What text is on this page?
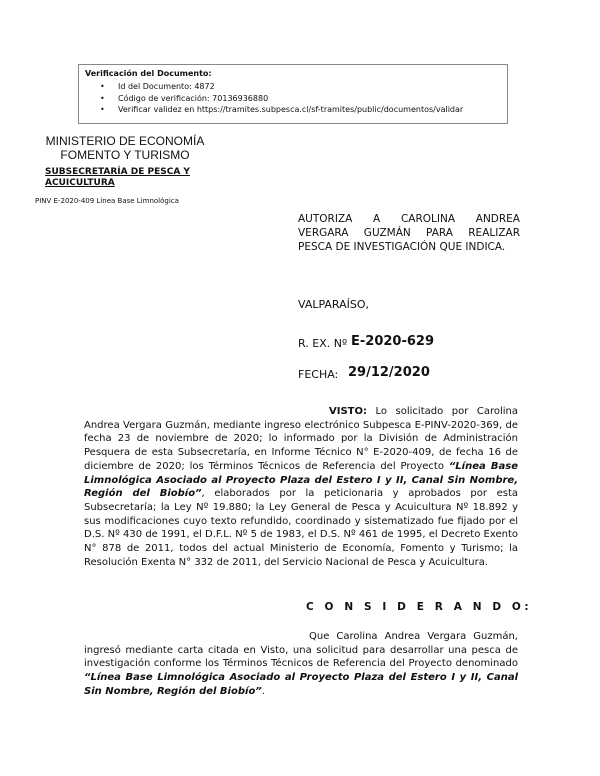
Verificación del Documento:
• Id del Documento: 4872
• Código de verificación: 70136936880
• Verificar validez en https://tramites.subpesca.cl/sf-tramites/public/documentos/validar
MINISTERIO DE ECONOMÍA
FOMENTO Y TURISMO
SUBSECRETARÍA DE PESCA Y ACUICULTURA
PINV E-2020-409 Línea Base Limnológica
AUTORIZA A CAROLINA ANDREA VERGARA GUZMÁN PARA REALIZAR PESCA DE INVESTIGACIÓN QUE INDICA.
VALPARAÍSO,
R. EX. Nº E-2020-629
FECHA: 29/12/2020
VISTO: Lo solicitado por Carolina Andrea Vergara Guzmán, mediante ingreso electrónico Subpesca E-PINV-2020-369, de fecha 23 de noviembre de 2020; lo informado por la División de Administración Pesquera de esta Subsecretaría, en Informe Técnico N° E-2020-409, de fecha 16 de diciembre de 2020; los Términos Técnicos de Referencia del Proyecto “Línea Base Limnológica Asociado al Proyecto Plaza del Estero I y II, Canal Sin Nombre, Región del Biobío”, elaborados por la peticionaria y aprobados por esta Subsecretaría; la Ley Nº 19.880; la Ley General de Pesca y Acuicultura Nº 18.892 y sus modificaciones cuyo texto refundido, coordinado y sistematizado fue fijado por el D.S. Nº 430 de 1991, el D.F.L. Nº 5 de 1983, el D.S. Nº 461 de 1995, el Decreto Exento N° 878 de 2011, todos del actual Ministerio de Economía, Fomento y Turismo; la Resolución Exenta N° 332 de 2011, del Servicio Nacional de Pesca y Acuicultura.
C O N S I D E R A N D O:
Que Carolina Andrea Vergara Guzmán, ingresó mediante carta citada en Visto, una solicitud para desarrollar una pesca de investigación conforme los Términos Técnicos de Referencia del Proyecto denominado “Línea Base Limnológica Asociado al Proyecto Plaza del Estero I y II, Canal Sin Nombre, Región del Biobío”.
